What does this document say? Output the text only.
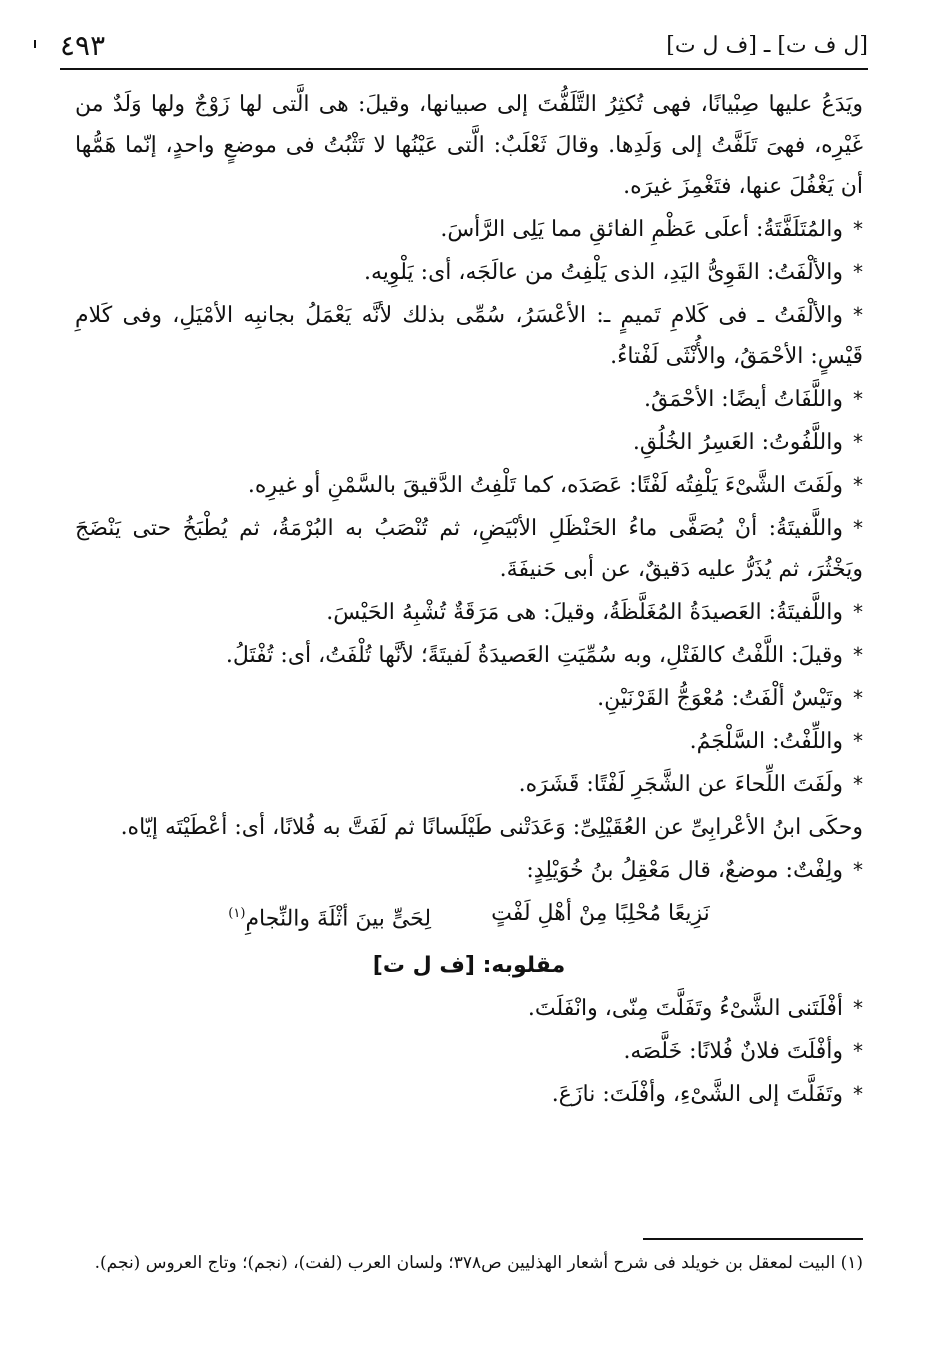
[ل ف ت] ـ [ف ل ت]
٤٩٣

ويَدَعُ عليها صِبْيانًا، فهى تُكثِرُ التَّلَفُّتَ إلى صبيانها، وقيلَ: هى الَّتى لها زَوْجٌ ولها وَلَدٌ من غَيْرِه، فهىَ تَلَفَّتُ إلى وَلَدِها. وقالَ ثَعْلَبٌ: الَّتى عَيْنُها لا تَثْبُتُ فى موضعٍ واحدٍ، إنّما هَمُّها أن يَغْفُلَ عنها، فتَغْمِزَ غيرَه.

*والمُتَلَفَّتَةُ: أعلَى عَظْمِ الفائقِ مما يَلِى الرَّأسَ.

*والألْفَتُ: القَوِىُّ اليَدِ، الذى يَلْفِتُ من عالَجَه، أى: يَلْوِيه.

*والألْفَتُ ـ فى كَلامِ تَميمٍ ـ: الأعْسَرُ، سُمِّى بذلك لأنَّه يَعْمَلُ بجانبِه الأمْيَلِ، وفى كَلامِ قَيْسٍ: الأحْمَقُ، والأُنْثَى لَفْتاءُ.

*واللَّفَاتُ أيضًا: الأحْمَقُ.

*واللَّفُوتُ: العَسِرُ الخُلُقِ.

*ولَفَتَ الشَّىْءَ يَلْفِتُه لَفْتًا: عَصَدَه، كما تَلْفِتُ الدَّقيقَ بالسَّمْنِ أو غيرِه.

*واللَّفيتَةُ: أنْ يُصَفَّى ماءُ الحَنْظَلِ الأبْيَضِ، ثم تُنْصَبُ به البُرْمَةُ، ثم يُطْبَخُ حتى يَنْضَجَ ويَخْثُرَ، ثم يُذَرُّ عليه دَقيقٌ، عن أبى حَنيفَةَ.

*واللَّفيتَةُ: العَصيدَةُ المُغَلَّظَةُ، وقيلَ: هى مَرَقَةٌ تُشْبِهُ الحَيْسَ.

*وقيلَ: اللَّفْتُ كالفَتْلِ، وبه سُمِّيَتِ العَصيدَةُ لَفيتَةً؛ لأنَّها تُلْفَتُ، أى: تُفْتَلُ.

*وتَيْسٌ ألْفَتُ: مُعْوَجُّ القَرْنَيْنِ.

*واللِّفْتُ: السَّلْجَمُ.

*ولَفَتَ اللِّحاءَ عن الشَّجَرِ لَفْتًا: قَشَرَه.

وحكَى ابنُ الأعْرابِىِّ عن العُقَيْلِىِّ: وَعَدَتْنى طَيْلَسانًا ثم لَفَتَّ به فُلانًا، أى: أعْطَيْتَه إيّاه.

*ولِفْتٌ: موضعٌ، قال مَعْقِلُ بنُ خُوَيْلِدٍ:

نَزِيعًا مُحْلِبًا مِنْ أهْلِ لَفْتٍ
لِحَىٍّ بينَ أثْلَةَ والنِّجامِ$^{(١)}$
مقلوبه: [ف ل ت]

*أفْلَتَنى الشَّىْءُ وتَفَلَّتَ مِنّى، وانْفَلَتَ.

*وأفْلَتَ فلانٌ فُلانًا: خَلَّصَه.

*وتَفَلَّتَ إلى الشَّىْءِ، وأفْلَتَ: نازَعَ.

(١) البيت لمعقل بن خويلد فى شرح أشعار الهذليين ص٣٧٨؛ ولسان العرب (لفت)، (نجم)؛ وتاج العروس (نجم).
